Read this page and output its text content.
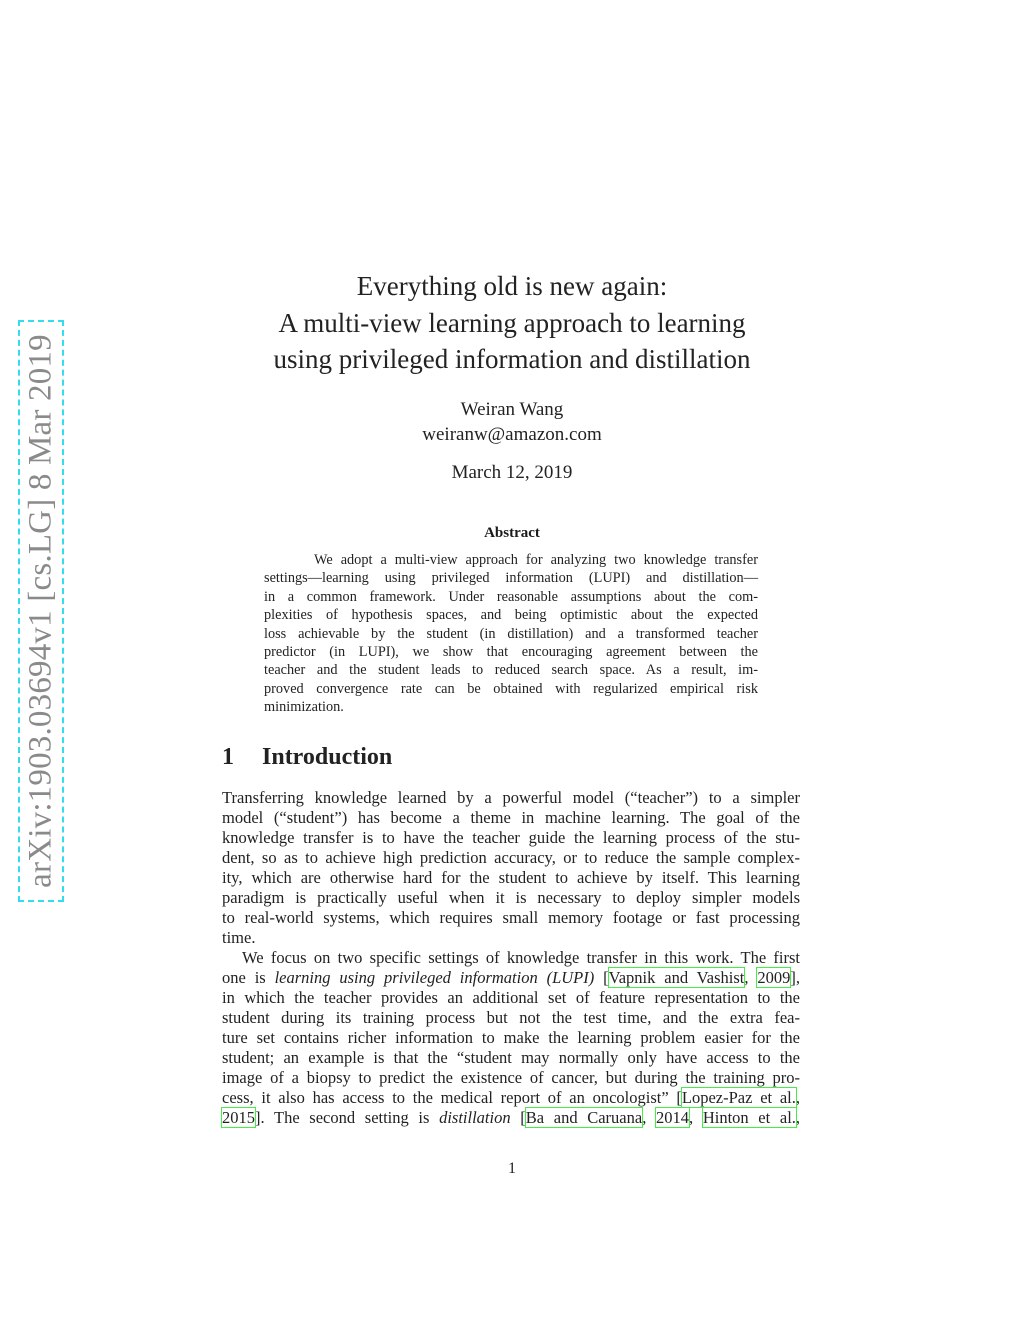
arXiv:1903.03694v1 [cs.LG] 8 Mar 2019
Everything old is new again:
A multi-view learning approach to learning
using privileged information and distillation
Weiran Wang
weiranw@amazon.com
March 12, 2019
Abstract
We adopt a multi-view approach for analyzing two knowledge transfer
settings—learning using privileged information (LUPI) and distillation—
in a common framework. Under reasonable assumptions about the com-
plexities of hypothesis spaces, and being optimistic about the expected
loss achievable by the student (in distillation) and a transformed teacher
predictor (in LUPI), we show that encouraging agreement between the
teacher and the student leads to reduced search space. As a result, im-
proved convergence rate can be obtained with regularized empirical risk
minimization.
1 Introduction
Transferring knowledge learned by a powerful model (“teacher”) to a simpler
model (“student”) has become a theme in machine learning. The goal of the
knowledge transfer is to have the teacher guide the learning process of the stu-
dent, so as to achieve high prediction accuracy, or to reduce the sample complex-
ity, which are otherwise hard for the student to achieve by itself. This learning
paradigm is practically useful when it is necessary to deploy simpler models
to real-world systems, which requires small memory footage or fast processing
time.
We focus on two specific settings of knowledge transfer in this work. The first
one is learning using privileged information (LUPI) [Vapnik and Vashist, 2009],
in which the teacher provides an additional set of feature representation to the
student during its training process but not the test time, and the extra fea-
ture set contains richer information to make the learning problem easier for the
student; an example is that the “student may normally only have access to the
image of a biopsy to predict the existence of cancer, but during the training pro-
cess, it also has access to the medical report of an oncologist” [Lopez-Paz et al.,
2015]. The second setting is distillation [Ba and Caruana, 2014, Hinton et al.,
1
